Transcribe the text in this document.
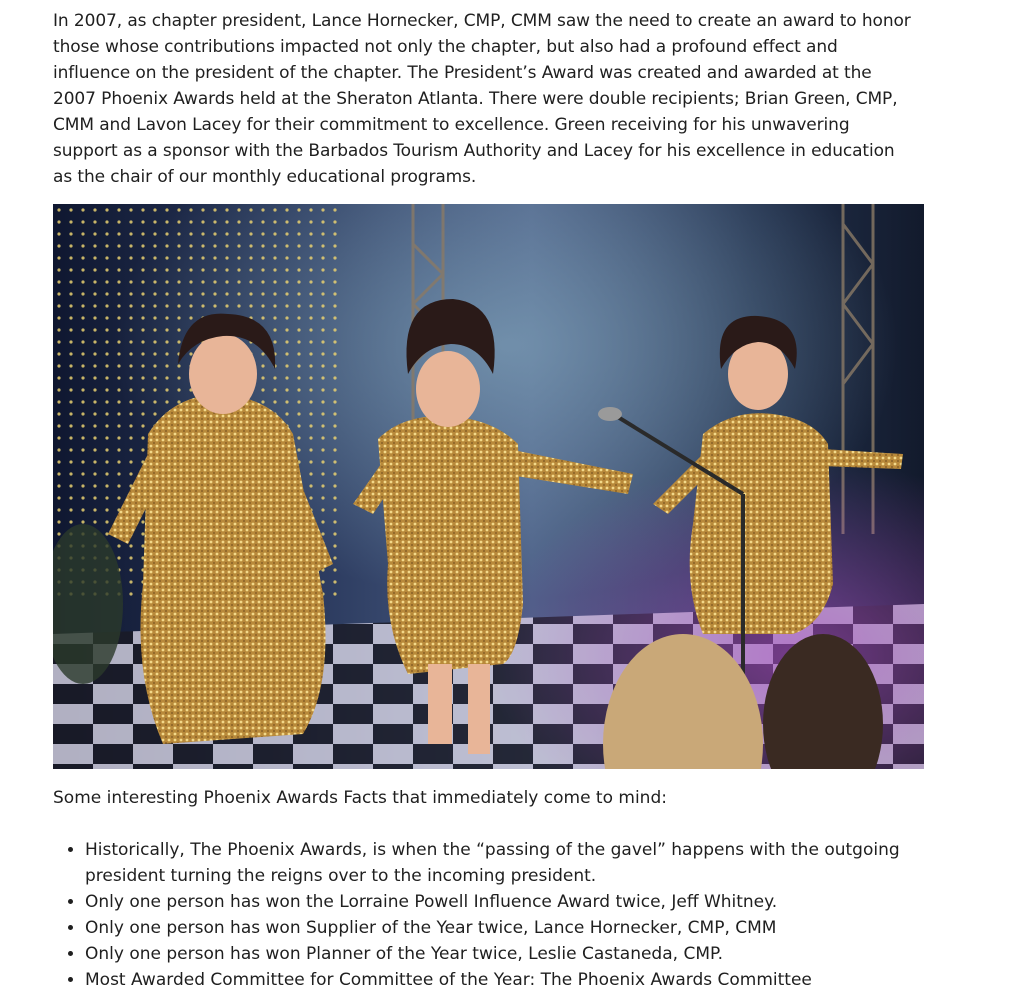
In 2007, as chapter president, Lance Hornecker, CMP, CMM saw the need to create an award to honor those whose contributions impacted not only the chapter, but also had a profound effect and influence on the president of the chapter. The President’s Award was created and awarded at the 2007 Phoenix Awards held at the Sheraton Atlanta. There were double recipients; Brian Green, CMP, CMM and Lavon Lacey for their commitment to excellence. Green receiving for his unwavering support as a sponsor with the Barbados Tourism Authority and Lacey for his excellence in education as the chair of our monthly educational programs.

Some interesting Phoenix Awards Facts that immediately come to mind:

• Historically, The Phoenix Awards, is when the “passing of the gavel” happens with the outgoing president turning the reigns over to the incoming president.
• Only one person has won the Lorraine Powell Influence Award twice, Jeff Whitney.
• Only one person has won Supplier of the Year twice, Lance Hornecker, CMP, CMM
• Only one person has won Planner of the Year twice, Leslie Castaneda, CMP.
• Most Awarded Committee for Committee of the Year: The Phoenix Awards Committee
